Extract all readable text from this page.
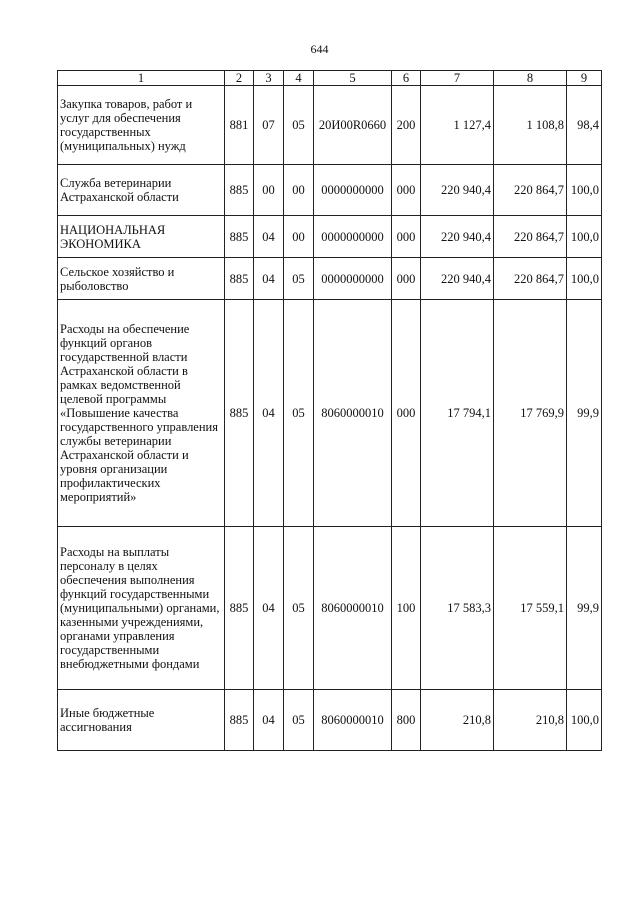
644
1	2	3	4	5	6	7	8	9
Закупка товаров, работ и услуг для обеспечения государственных (муниципальных) нужд	881	07	05	20И00R0660	200	1 127,4	1 108,8	98,4
Служба ветеринарии Астраханской области	885	00	00	0000000000	000	220 940,4	220 864,7	100,0
НАЦИОНАЛЬНАЯ ЭКОНОМИКА	885	04	00	0000000000	000	220 940,4	220 864,7	100,0
Сельское хозяйство и рыболовство	885	04	05	0000000000	000	220 940,4	220 864,7	100,0
Расходы на обеспечение функций органов государственной власти Астраханской области в рамках ведомственной целевой программы «Повышение качества государственного управления службы ветеринарии Астраханской области и уровня организации профилактических мероприятий»	885	04	05	8060000010	000	17 794,1	17 769,9	99,9
Расходы на выплаты персоналу в целях обеспечения выполнения функций государственными (муниципальными) органами, казенными учреждениями, органами управления государственными внебюджетными фондами	885	04	05	8060000010	100	17 583,3	17 559,1	99,9
Иные бюджетные ассигнования	885	04	05	8060000010	800	210,8	210,8	100,0
